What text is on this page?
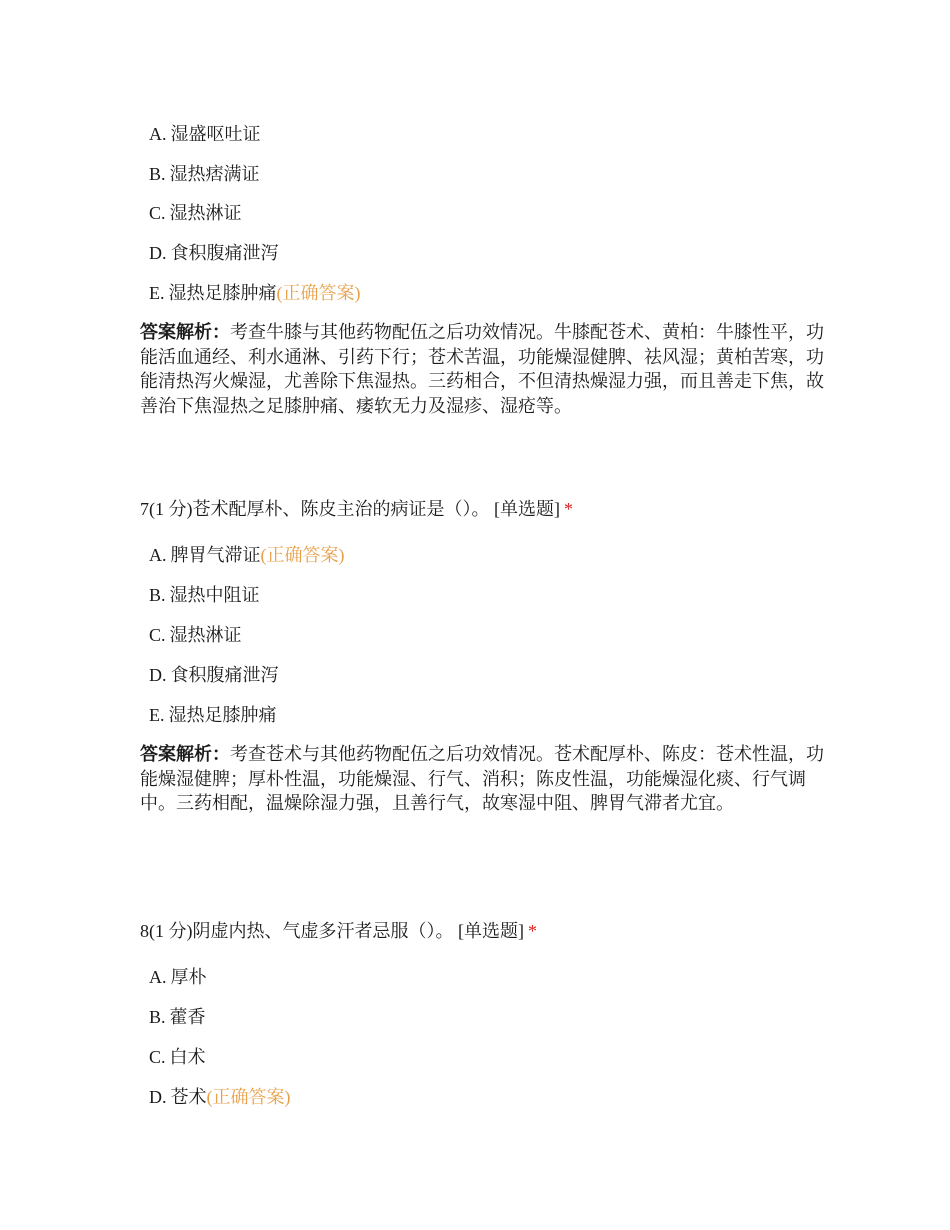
A. 湿盛呕吐证
B. 湿热痞满证
C. 湿热淋证
D. 食积腹痛泄泻
E. 湿热足膝肿痛(正确答案)
答案解析：考查牛膝与其他药物配伍之后功效情况。牛膝配苍术、黄柏：牛膝性平，功能活血通经、利水通淋、引药下行；苍术苦温，功能燥湿健脾、祛风湿；黄柏苦寒，功能清热泻火燥湿，尤善除下焦湿热。三药相合，不但清热燥湿力强，而且善走下焦，故善治下焦湿热之足膝肿痛、痿软无力及湿疹、湿疮等。
7(1 分)苍术配厚朴、陈皮主治的病证是（）。 [单选题] *
A. 脾胃气滞证(正确答案)
B. 湿热中阻证
C. 湿热淋证
D. 食积腹痛泄泻
E. 湿热足膝肿痛
答案解析：考查苍术与其他药物配伍之后功效情况。苍术配厚朴、陈皮：苍术性温，功能燥湿健脾；厚朴性温，功能燥湿、行气、消积；陈皮性温，功能燥湿化痰、行气调中。三药相配，温燥除湿力强，且善行气，故寒湿中阻、脾胃气滞者尤宜。
8(1 分)阴虚内热、气虚多汗者忌服（）。 [单选题] *
A. 厚朴
B. 藿香
C. 白术
D. 苍术(正确答案)
